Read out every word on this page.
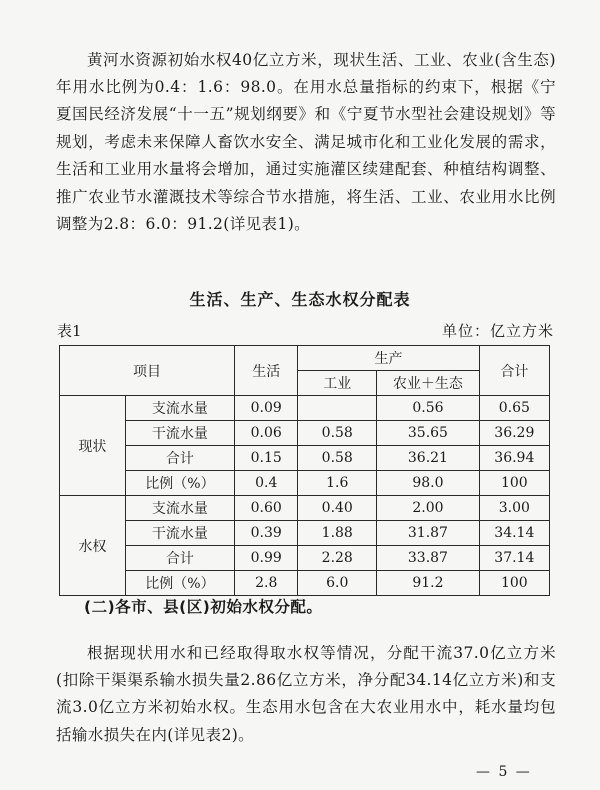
黄河水资源初始水权40亿立方米，现状生活、工业、农业(含生态)年用水比例为0.4：1.6：98.0。在用水总量指标的约束下，根据《宁夏国民经济发展“十一五”规划纲要》和《宁夏节水型社会建设规划》等规划，考虑未来保障人畜饮水安全、满足城市化和工业化发展的需求，生活和工业用水量将会增加，通过实施灌区续建配套、种植结构调整、推广农业节水灌溉技术等综合节水措施，将生活、工业、农业用水比例调整为2.8：6.0：91.2(详见表1)。

生活、生产、生态水权分配表
表1	单位：亿立方米
项目		生活	生产		合计
			工业	农业＋生态	
现状	支流水量	0.09		0.56	0.65
	干流水量	0.06	0.58	35.65	36.29
	合计	0.15	0.58	36.21	36.94
	比例（%）	0.4	1.6	98.0	100
水权	支流水量	0.60	0.40	2.00	3.00
	干流水量	0.39	1.88	31.87	34.14
	合计	0.99	2.28	33.87	37.14
	比例（%）	2.8	6.0	91.2	100
(二)各市、县(区)初始水权分配。

根据现状用水和已经取得取水权等情况，分配干流37.0亿立方米(扣除干渠渠系输水损失量2.86亿立方米，净分配34.14亿立方米)和支流3.0亿立方米初始水权。生态用水包含在大农业用水中，耗水量均包括输水损失在内(详见表2)。

— 5 —
